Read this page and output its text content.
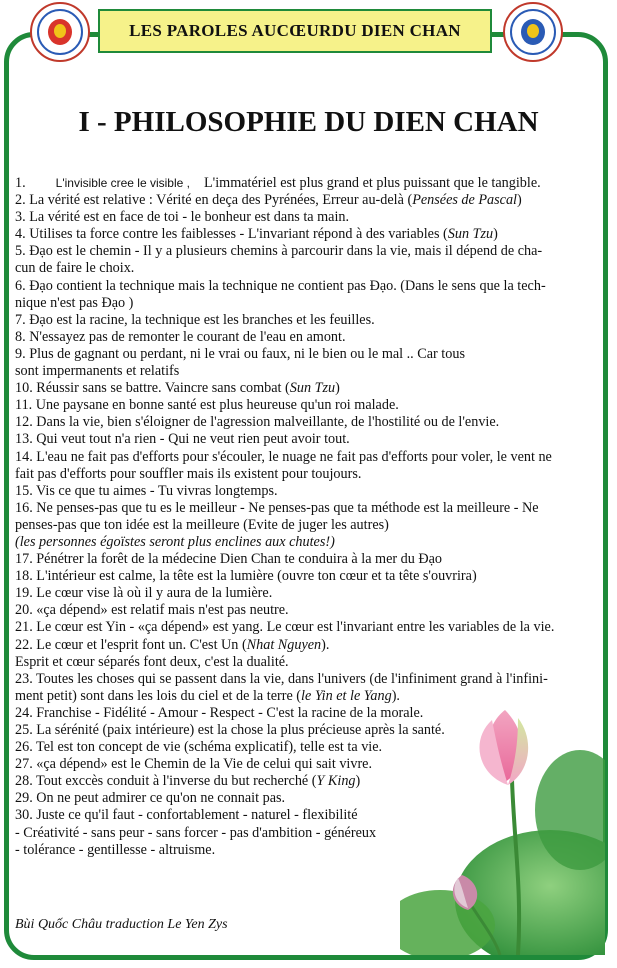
LES PAROLES AUCŒURDU DIEN CHAN
I - PHILOSOPHIE DU DIEN CHAN
1.	L'invisible cree le visible , L'immatériel est plus grand et plus puissant que le tangible.
2. La vérité est relative : Vérité en deça des Pyrénées, Erreur au-delà (Pensées de Pascal)
3. La vérité est en face de toi - le bonheur est dans ta main.
4. Utilises ta force contre les faiblesses - L'invariant répond à des variables (Sun Tzu)
5. Đạo est le chemin - Il y a plusieurs chemins à parcourir dans la vie, mais il dépend de cha-
cun de faire le choix.
6. Đạo contient la technique mais la technique ne contient pas Đạo. (Dans le sens que la tech-
nique n'est pas Đạo )
7. Đạo est la racine, la technique est les branches et les feuilles.
8. N'essayez pas de remonter le courant de l'eau en amont.
9. Plus de gagnant ou perdant, ni le vrai ou faux, ni le bien ou le mal .. Car tous
sont impermanents et relatifs
10. Réussir sans se battre. Vaincre sans combat (Sun Tzu)
11. Une paysane en bonne santé est plus heureuse qu'un roi malade.
12. Dans la vie, bien s'éloigner de l'agression malveillante, de l'hostilité ou de l'envie.
13. Qui veut tout n'a rien - Qui ne veut rien peut avoir tout.
14. L'eau ne fait pas d'efforts pour s'écouler, le nuage ne fait pas d'efforts pour voler, le vent ne
fait pas d'efforts pour souffler mais ils existent pour toujours.
15. Vis ce que tu aimes - Tu vivras longtemps.
16. Ne penses-pas que tu es le meilleur - Ne penses-pas que ta méthode est la meilleure - Ne
penses-pas que ton idée est la meilleure (Evite de juger les autres)
(les personnes égoïstes seront plus enclines aux chutes!)
17. Pénétrer la forêt de la médecine Dien Chan te conduira à la mer du Đạo
18. L'intérieur est calme, la tête est la lumière (ouvre ton cœur et ta tête s'ouvrira)
19. Le cœur vise là où il y aura de la lumière.
20. «ça dépend» est relatif mais n'est pas neutre.
21. Le cœur est Yin - «ça dépend» est yang. Le cœur est l'invariant entre les variables de la vie.
22. Le cœur et l'esprit font un. C'est Un (Nhat Nguyen).
Esprit et cœur séparés font deux, c'est la dualité.
23. Toutes les choses qui se passent dans la vie, dans l'univers (de l'infiniment grand à l'infini-
ment petit) sont dans les lois du ciel et de la terre (le Yin et le Yang).
24. Franchise - Fidélité - Amour - Respect - C'est la racine de la morale.
25. La sérénité (paix intérieure) est la chose la plus précieuse après la santé.
26. Tel est ton concept de vie (schéma explicatif), telle est ta vie.
27. «ça dépend» est le Chemin de la Vie de celui qui sait vivre.
28. Tout exccès conduit à l'inverse du but recherché (Y King)
29. On ne peut admirer ce qu'on ne connait pas.
30. Juste ce qu'il faut - confortablement - naturel - flexibilité
- Créativité - sans peur - sans forcer - pas d'ambition - généreux
- tolérance - gentillesse - altruisme.
Bùi Quốc Châu traduction Le Yen Zys
